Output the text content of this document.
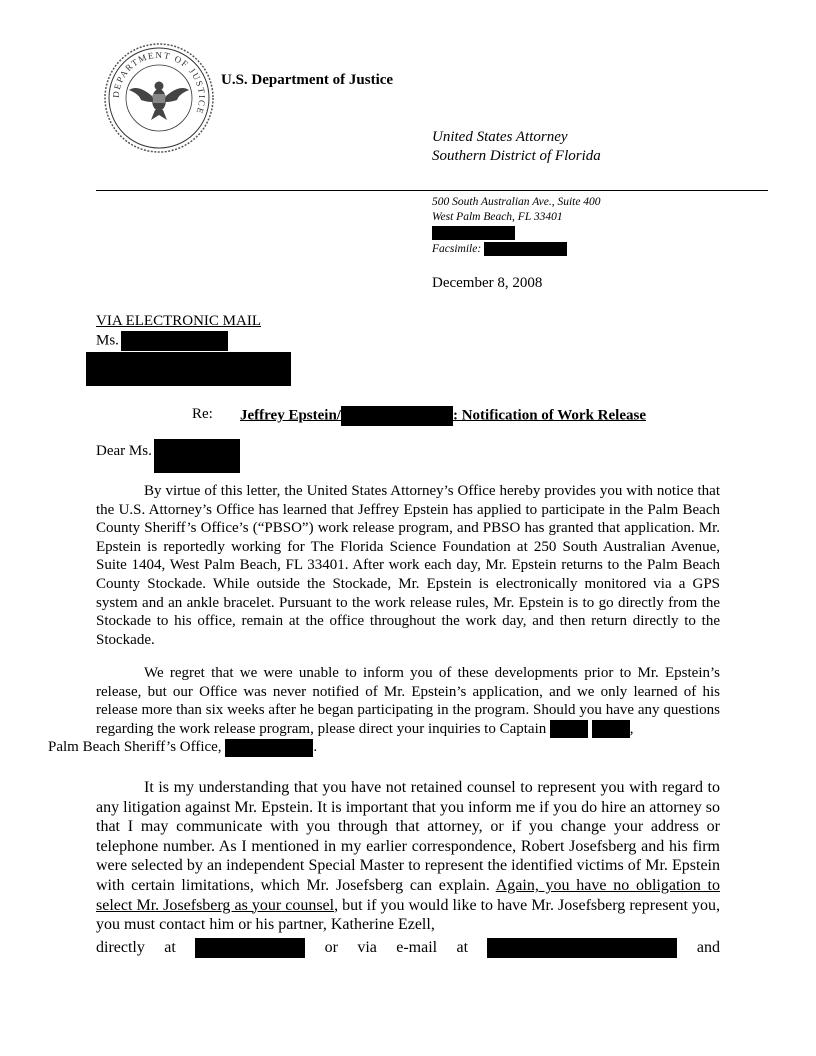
DEPARTMENT OF JUSTICE
U.S. Department of Justice
United States Attorney
Southern District of Florida
500 South Australian Ave., Suite 400
West Palm Beach, FL 33401
Facsimile:
December 8, 2008
VIA ELECTRONIC MAIL
Ms.
Re: Jeffrey Epstein/	: Notification of Work Release
Dear Ms.

By virtue of this letter, the United States Attorney’s Office hereby provides you with notice that the U.S. Attorney’s Office has learned that Jeffrey Epstein has applied to participate in the Palm Beach County Sheriff’s Office’s (“PBSO”) work release program, and PBSO has granted that application. Mr. Epstein is reportedly working for The Florida Science Foundation at 250 South Australian Avenue, Suite 1404, West Palm Beach, FL 33401. After work each day, Mr. Epstein returns to the Palm Beach County Stockade. While outside the Stockade, Mr. Epstein is electronically monitored via a GPS system and an ankle bracelet. Pursuant to the work release rules, Mr. Epstein is to go directly from the Stockade to his office, remain at the office throughout the work day, and then return directly to the Stockade.

We regret that we were unable to inform you of these developments prior to Mr. Epstein’s release, but our Office was never notified of Mr. Epstein’s application, and we only learned of his release more than six weeks after he began participating in the program. Should you have any questions regarding the work release program, please direct your inquiries to Captain	,
Palm Beach Sheriff’s Office,	.

It is my understanding that you have not retained counsel to represent you with regard to any litigation against Mr. Epstein. It is important that you inform me if you do hire an attorney so that I may communicate with you through that attorney, or if you change your address or telephone number. As I mentioned in my earlier correspondence, Robert Josefsberg and his firm were selected by an independent Special Master to represent the identified victims of Mr. Epstein with certain limitations, which Mr. Josefsberg can explain. Again, you have no obligation to select Mr. Josefsberg as your counsel, but if you would like to have Mr. Josefsberg represent you, you must contact him or his partner, Katherine Ezell,

directly at	or via e-mail at	and
